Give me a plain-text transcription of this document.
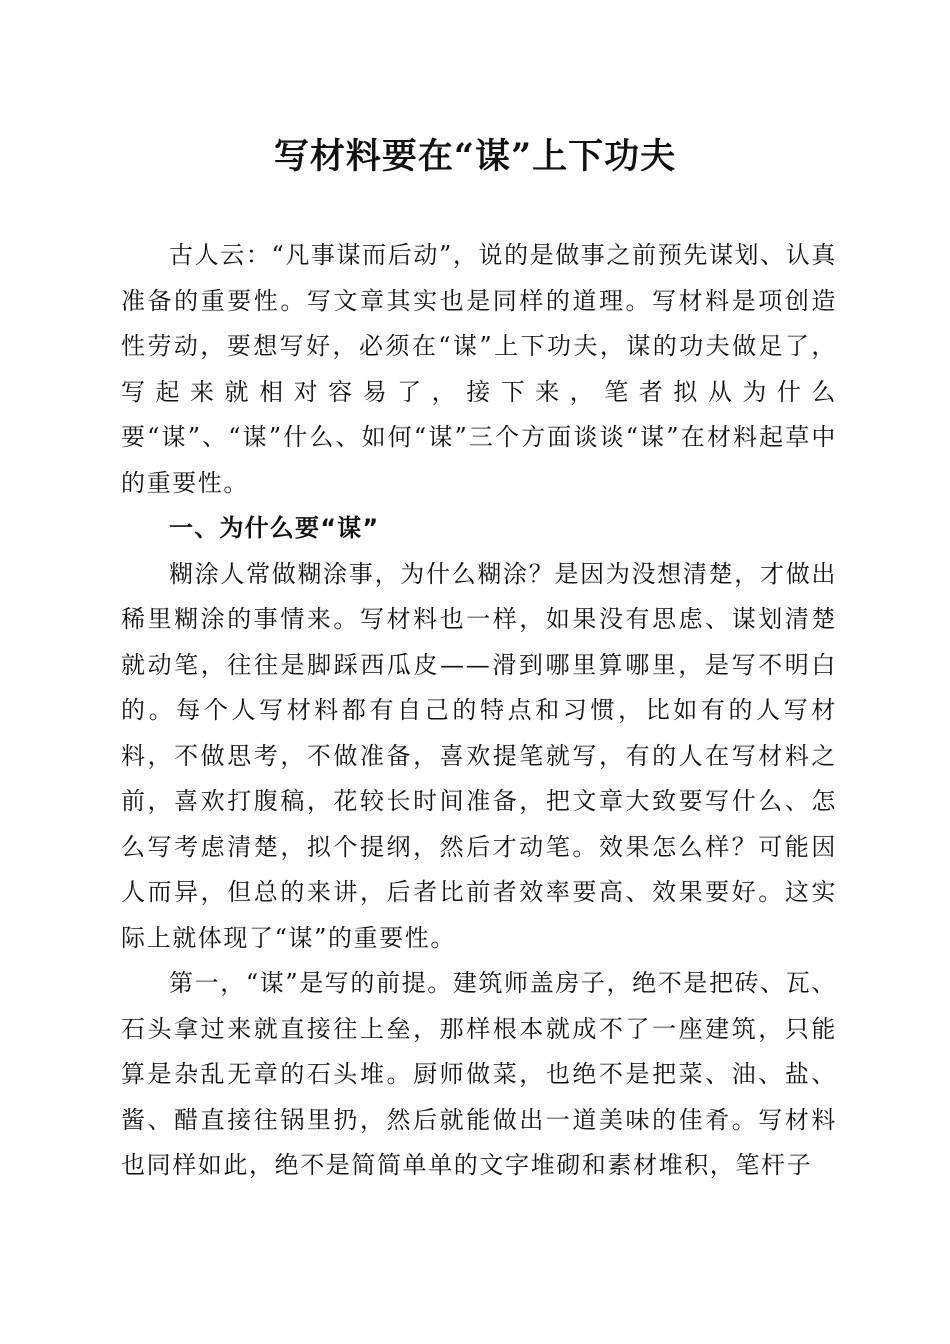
写材料要在“谋”上下功夫

古人云：“凡事谋而后动”，说的是做事之前预先谋划、认真准备的重要性。写文章其实也是同样的道理。写材料是项创造性劳动，要想写好，必须在“谋”上下功夫，谋的功夫做足了，写起来就相对容易了，接下来，笔者拟从为什么要“谋”、“谋”什么、如何“谋”三个方面谈谈“谋”在材料起草中的重要性。

一、为什么要“谋”

糊涂人常做糊涂事，为什么糊涂？是因为没想清楚，才做出稀里糊涂的事情来。写材料也一样，如果没有思虑、谋划清楚就动笔，往往是脚踩西瓜皮——滑到哪里算哪里，是写不明白的。每个人写材料都有自己的特点和习惯，比如有的人写材料，不做思考，不做准备，喜欢提笔就写，有的人在写材料之前，喜欢打腹稿，花较长时间准备，把文章大致要写什么、怎么写考虑清楚，拟个提纲，然后才动笔。效果怎么样？可能因人而异，但总的来讲，后者比前者效率要高、效果要好。这实际上就体现了“谋”的重要性。

第一，“谋”是写的前提。建筑师盖房子，绝不是把砖、瓦、石头拿过来就直接往上垒，那样根本就成不了一座建筑，只能算是杂乱无章的石头堆。厨师做菜，也绝不是把菜、油、盐、酱、醋直接往锅里扔，然后就能做出一道美味的佳肴。写材料也同样如此，绝不是简简单单的文字堆砌和素材堆积，笔杆子
